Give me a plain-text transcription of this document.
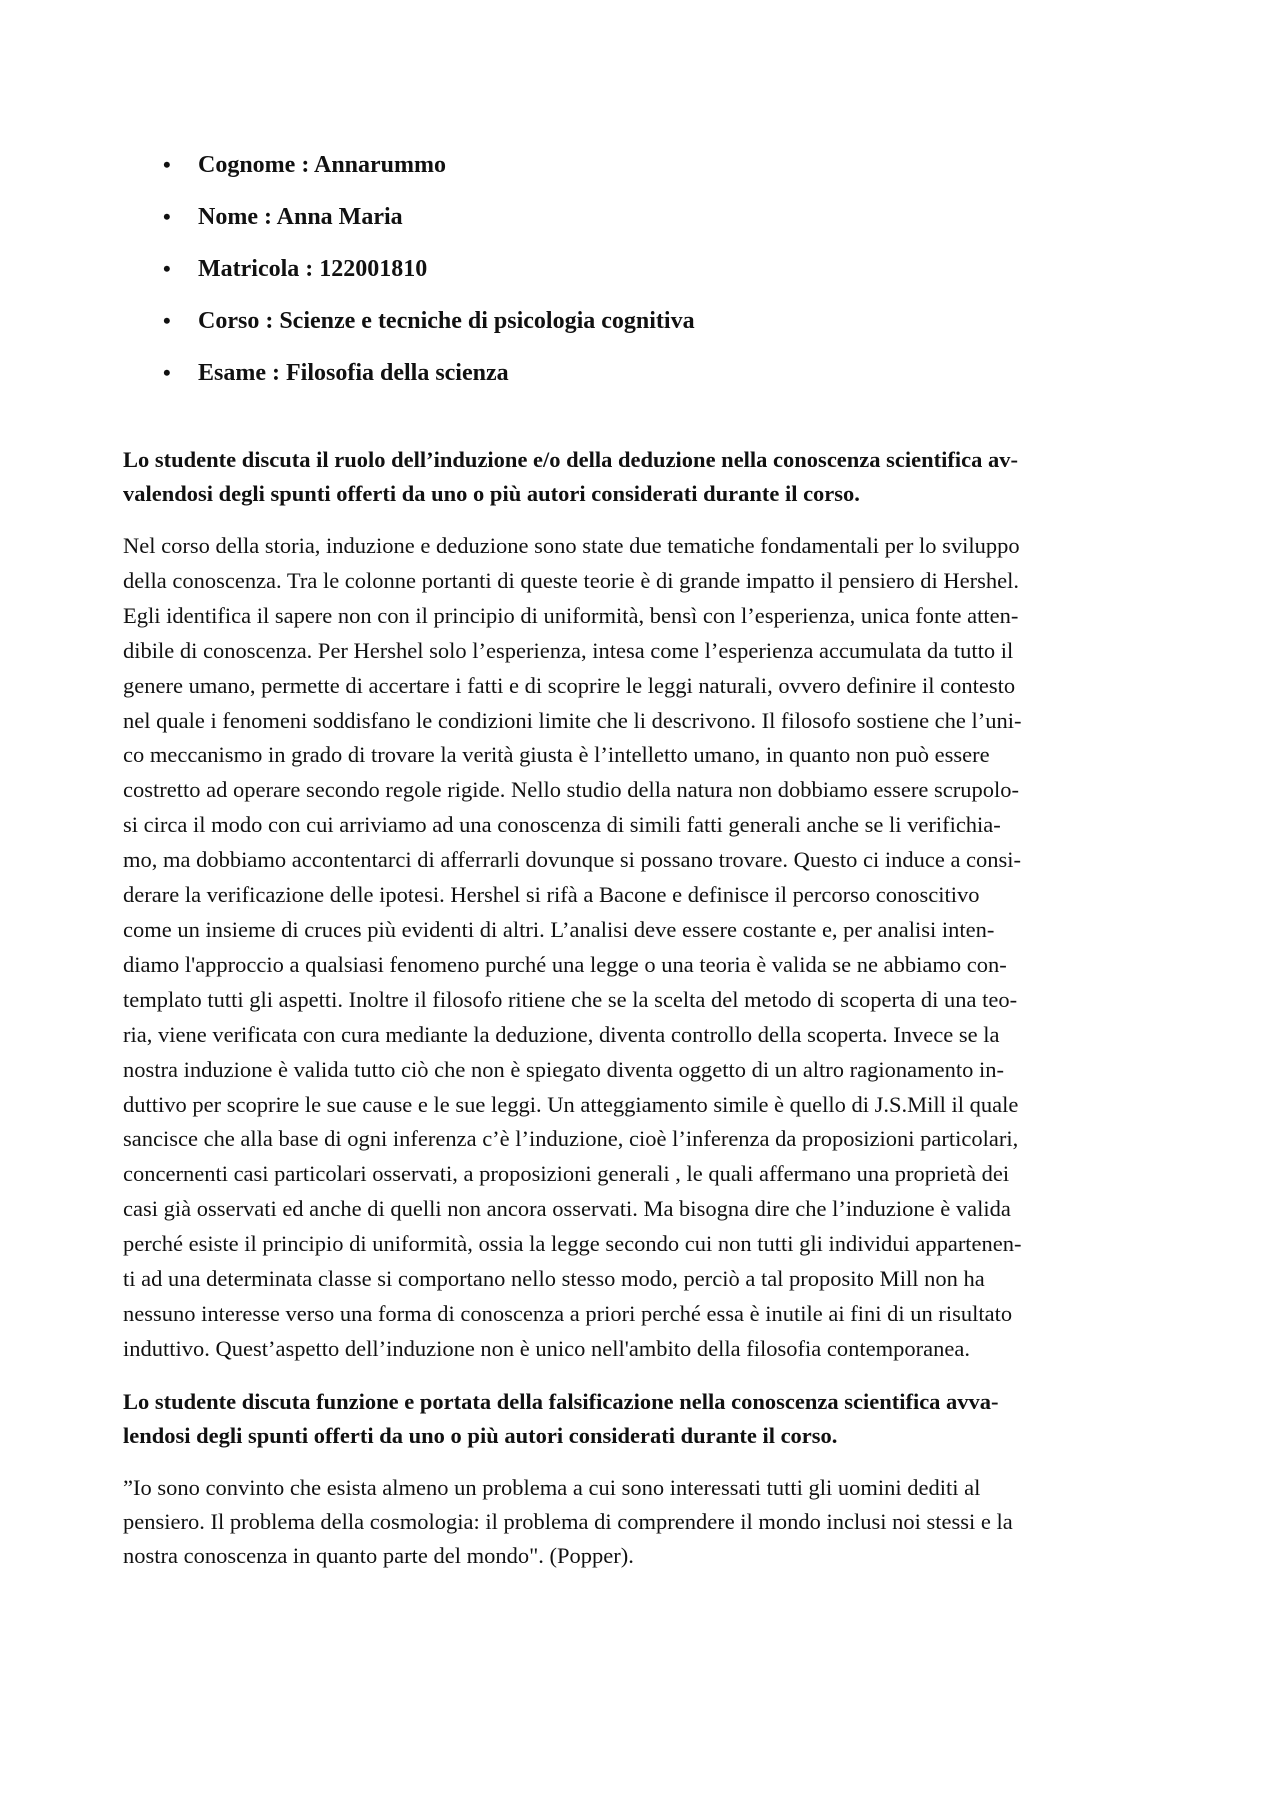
• Cognome : Annarummo
• Nome : Anna Maria
• Matricola : 122001810
• Corso : Scienze e tecniche di psicologia cognitiva
• Esame : Filosofia della scienza
Lo studente discuta il ruolo dell’induzione e/o della deduzione nella conoscenza scientifica av-
valendosi degli spunti offerti da uno o più autori considerati durante il corso.
Nel corso della storia, induzione e deduzione sono state due tematiche fondamentali per lo sviluppo
della conoscenza. Tra le colonne portanti di queste teorie è di grande impatto il pensiero di Hershel.
Egli identifica il sapere non con il principio di uniformità, bensì con l’esperienza, unica fonte atten-
dibile di conoscenza. Per Hershel solo l’esperienza, intesa come l’esperienza accumulata da tutto il
genere umano, permette di accertare i fatti e di scoprire le leggi naturali, ovvero definire il contesto
nel quale i fenomeni soddisfano le condizioni limite che li descrivono. Il filosofo sostiene che l’uni-
co meccanismo in grado di trovare la verità giusta è l’intelletto umano, in quanto non può essere
costretto ad operare secondo regole rigide. Nello studio della natura non dobbiamo essere scrupolo-
si circa il modo con cui arriviamo ad una conoscenza di simili fatti generali anche se li verifichia-
mo, ma dobbiamo accontentarci di afferrarli dovunque si possano trovare. Questo ci induce a consi-
derare la verificazione delle ipotesi. Hershel si rifà a Bacone e definisce il percorso conoscitivo
come un insieme di cruces più evidenti di altri. L’analisi deve essere costante e, per analisi inten-
diamo l'approccio a qualsiasi fenomeno purché una legge o una teoria è valida se ne abbiamo con-
templato tutti gli aspetti. Inoltre il filosofo ritiene che se la scelta del metodo di scoperta di una teo-
ria, viene verificata con cura mediante la deduzione, diventa controllo della scoperta. Invece se la
nostra induzione è valida tutto ciò che non è spiegato diventa oggetto di un altro ragionamento in-
duttivo per scoprire le sue cause e le sue leggi. Un atteggiamento simile è quello di J.S.Mill il quale
sancisce che alla base di ogni inferenza c’è l’induzione, cioè l’inferenza da proposizioni particolari,
concernenti casi particolari osservati, a proposizioni generali , le quali affermano una proprietà dei
casi già osservati ed anche di quelli non ancora osservati. Ma bisogna dire che l’induzione è valida
perché esiste il principio di uniformità, ossia la legge secondo cui non tutti gli individui appartenen-
ti ad una determinata classe si comportano nello stesso modo, perciò a tal proposito Mill non ha
nessuno interesse verso una forma di conoscenza a priori perché essa è inutile ai fini di un risultato
induttivo. Quest’aspetto dell’induzione non è unico nell'ambito della filosofia contemporanea.
Lo studente discuta funzione e portata della falsificazione nella conoscenza scientifica avva-
lendosi degli spunti offerti da uno o più autori considerati durante il corso.
”Io sono convinto che esista almeno un problema a cui sono interessati tutti gli uomini dediti al
pensiero. Il problema della cosmologia: il problema di comprendere il mondo inclusi noi stessi e la
nostra conoscenza in quanto parte del mondo". (Popper).
